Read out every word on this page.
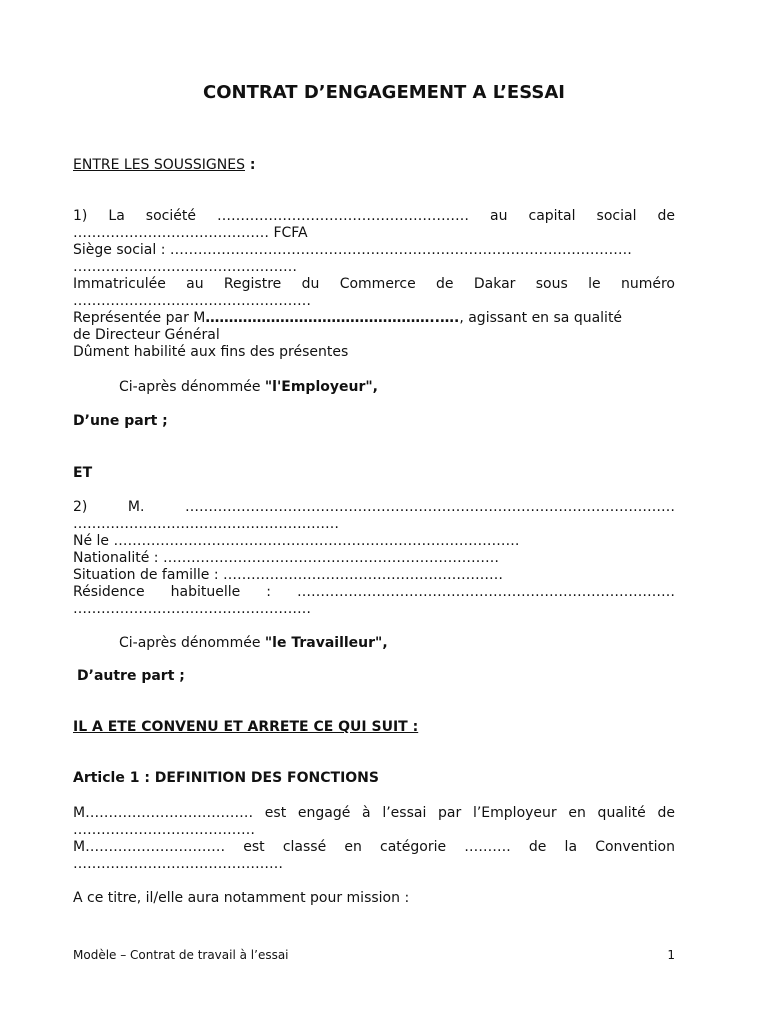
CONTRAT D’ENGAGEMENT A L’ESSAI
ENTRE LES SOUSSIGNES :
1) La société ……………………………………………… au capital social de
…………………………………… FCFA
Siège social : ………………………………………………………………………………………
…………………………………………
Immatriculée au Registre du Commerce de Dakar sous le numéro
……………………………………………
Représentée par M…………………………………………..…., agissant en sa qualité
de Directeur Général
Dûment habilité aux fins des présentes
Ci-après dénommée "l'Employeur",
D’une part ;
ET
2) M. ……………………………………………………………………………………………
…………………………………………………
Né le ……………………………………………………………………………
Nationalité : ………………………………………………………………
Situation de famille : ……………………………………………………
Résidence habituelle : ………………………………………………………………………
……………………………………………
Ci-après dénommée "le Travailleur",
D’autre part ;
IL A ETE CONVENU ET ARRETE CE QUI SUIT :
Article 1 : DEFINITION DES FONCTIONS
M……………………………… est engagé à l’essai par l’Employeur en qualité de
…………………………………
M………………………… est classé en catégorie ………. de la Convention
………………………………………
A ce titre, il/elle aura notamment pour mission :
Modèle – Contrat de travail à l’essai	1
